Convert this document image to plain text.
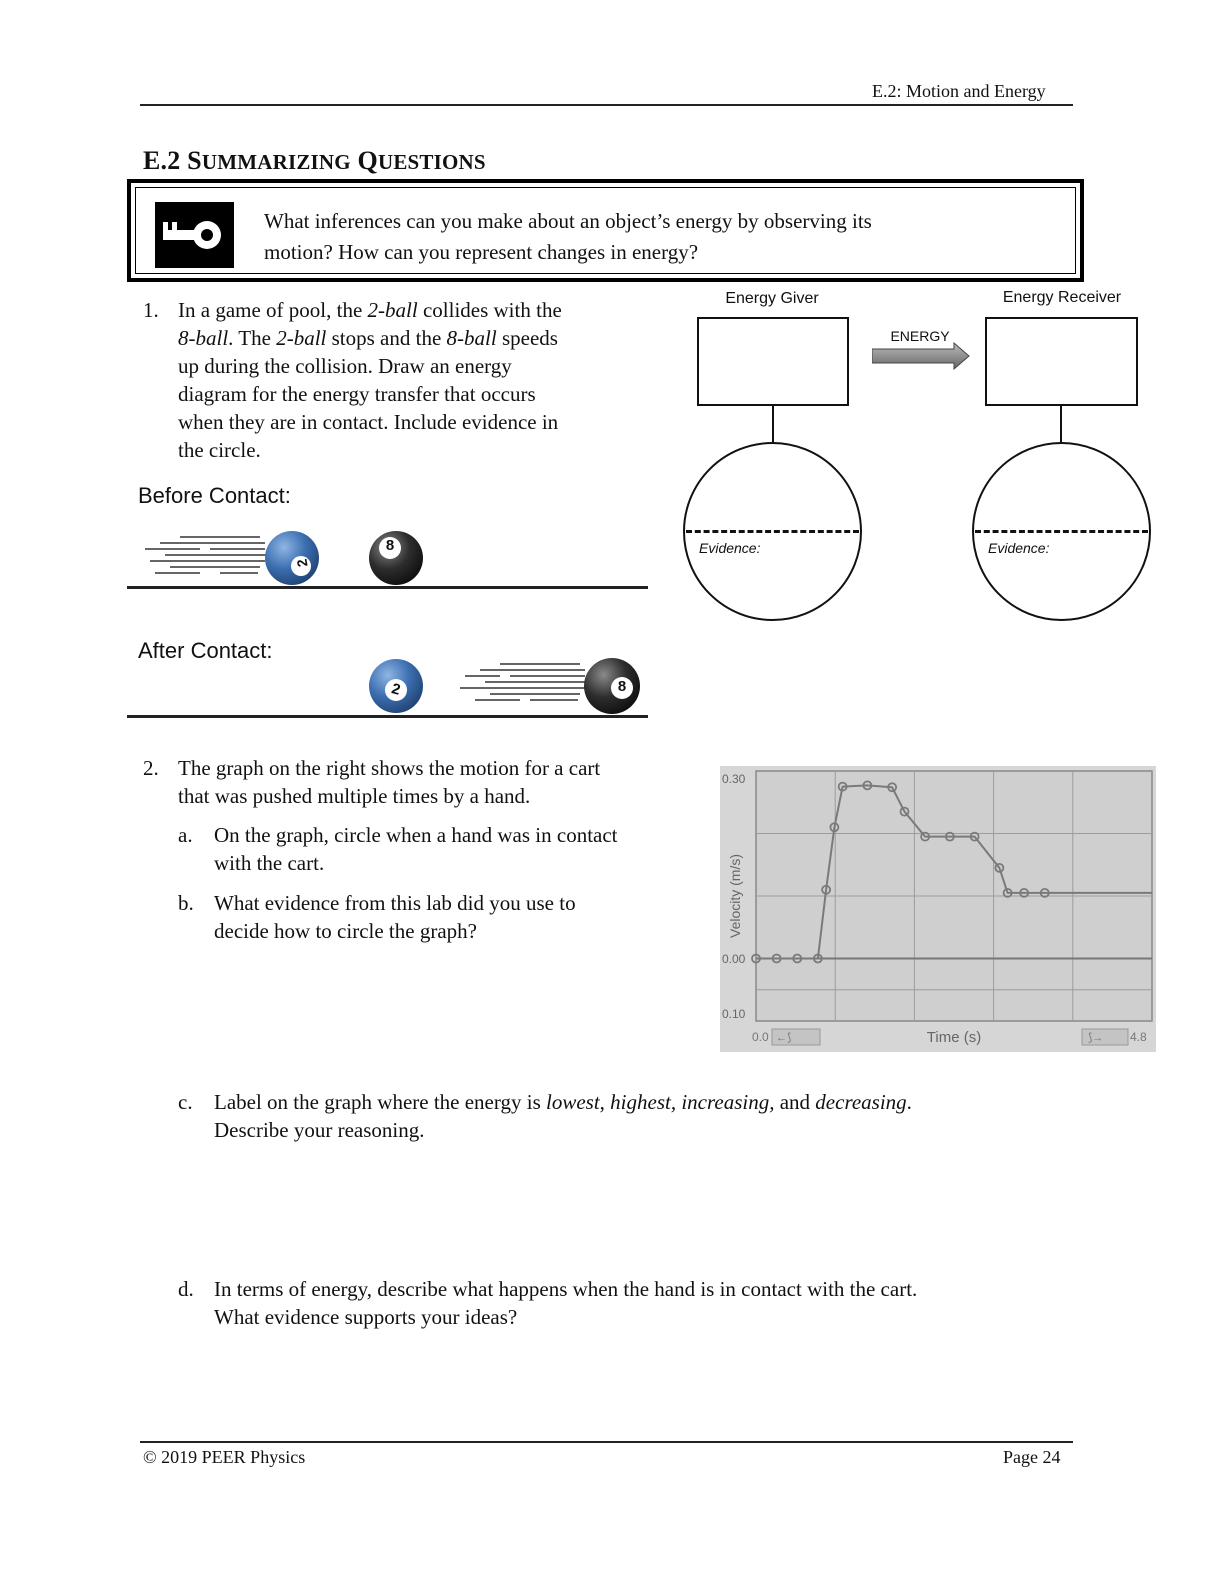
E.2: Motion and Energy
E.2 SUMMARIZING QUESTIONS
What inferences can you make about an object’s energy by observing its
motion? How can you represent changes in energy?
1. In a game of pool, the 2-ball collides with the
8-ball. The 2-ball stops and the 8-ball speeds
up during the collision. Draw an energy
diagram for the energy transfer that occurs
when they are in contact. Include evidence in
the circle.
Before Contact:
2
8
After Contact:
2	8
Energy Giver	Energy Receiver
ENERGY
Evidence:	Evidence:
2. The graph on the right shows the motion for a cart
that was pushed multiple times by a hand.
a. On the graph, circle when a hand was in contact
with the cart.
b. What evidence from this lab did you use to
decide how to circle the graph?
0.30
0.00
0.10
Velocity (m/s)
Time (s)
0.0 ←⟆	⟆→ 4.8
c. Label on the graph where the energy is lowest, highest, increasing, and decreasing.
Describe your reasoning.
d. In terms of energy, describe what happens when the hand is in contact with the cart.
What evidence supports your ideas?
© 2019 PEER Physics	Page 24
